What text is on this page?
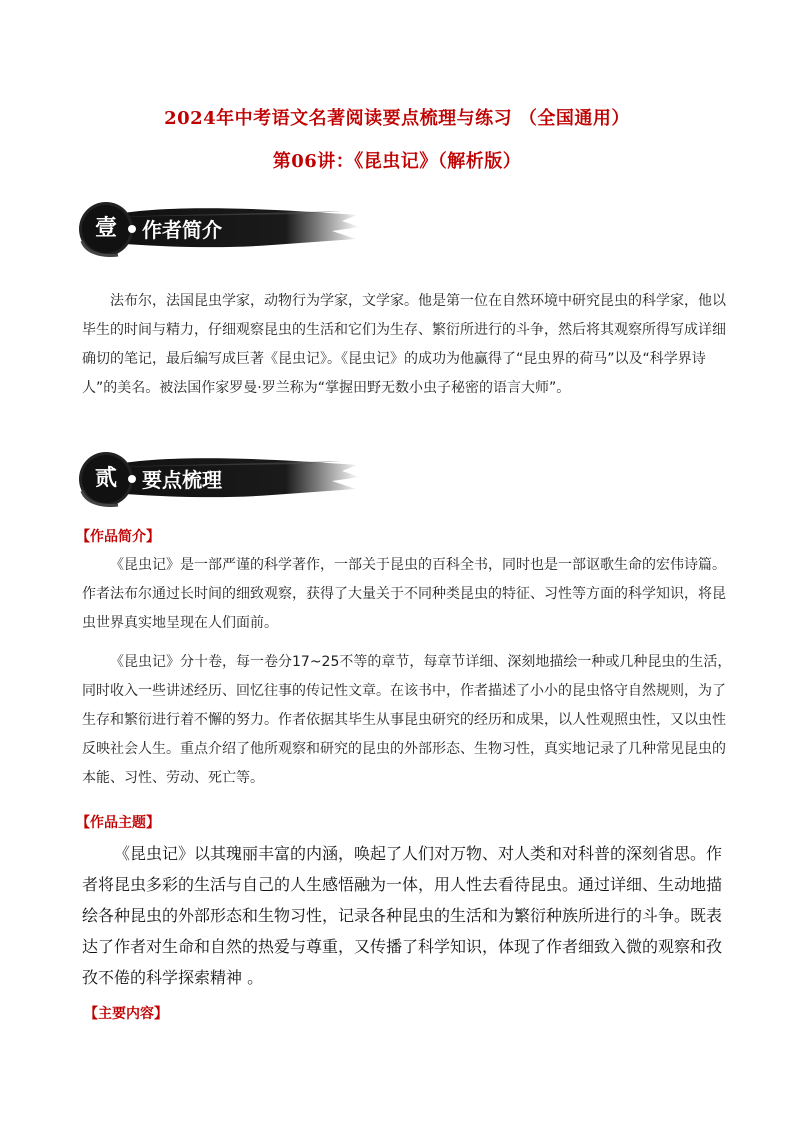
2024年中考语文名著阅读要点梳理与练习 （全国通用）
第06讲：《昆虫记》（解析版）
壹	作者简介

法布尔，法国昆虫学家，动物行为学家，文学家。他是第一位在自然环境中研究昆虫的科学家，他以毕生的时间与精力，仔细观察昆虫的生活和它们为生存、繁衍所进行的斗争，然后将其观察所得写成详细确切的笔记，最后编写成巨著《昆虫记》。《昆虫记》的成功为他赢得了“昆虫界的荷马”以及“科学界诗人”的美名。被法国作家罗曼·罗兰称为“掌握田野无数小虫子秘密的语言大师”。

贰	要点梳理
【作品简介】

《昆虫记》是一部严谨的科学著作，一部关于昆虫的百科全书，同时也是一部讴歌生命的宏伟诗篇。作者法布尔通过长时间的细致观察，获得了大量关于不同种类昆虫的特征、习性等方面的科学知识，将昆虫世界真实地呈现在人们面前。

《昆虫记》分十卷，每一卷分17~25不等的章节，每章节详细、深刻地描绘一种或几种昆虫的生活，同时收入一些讲述经历、回忆往事的传记性文章。在该书中，作者描述了小小的昆虫恪守自然规则，为了生存和繁衍进行着不懈的努力。作者依据其毕生从事昆虫研究的经历和成果，以人性观照虫性，又以虫性反映社会人生。重点介绍了他所观察和研究的昆虫的外部形态、生物习性，真实地记录了几种常见昆虫的本能、习性、劳动、死亡等。

【作品主题】

《昆虫记》以其瑰丽丰富的内涵，唤起了人们对万物、对人类和对科普的深刻省思。作者将昆虫多彩的生活与自己的人生感悟融为一体，用人性去看待昆虫。通过详细、生动地描绘各种昆虫的外部形态和生物习性，记录各种昆虫的生活和为繁衍种族所进行的斗争。既表达了作者对生命和自然的热爱与尊重，又传播了科学知识，体现了作者细致入微的观察和孜孜不倦的科学探索精神 。

【主要内容】
